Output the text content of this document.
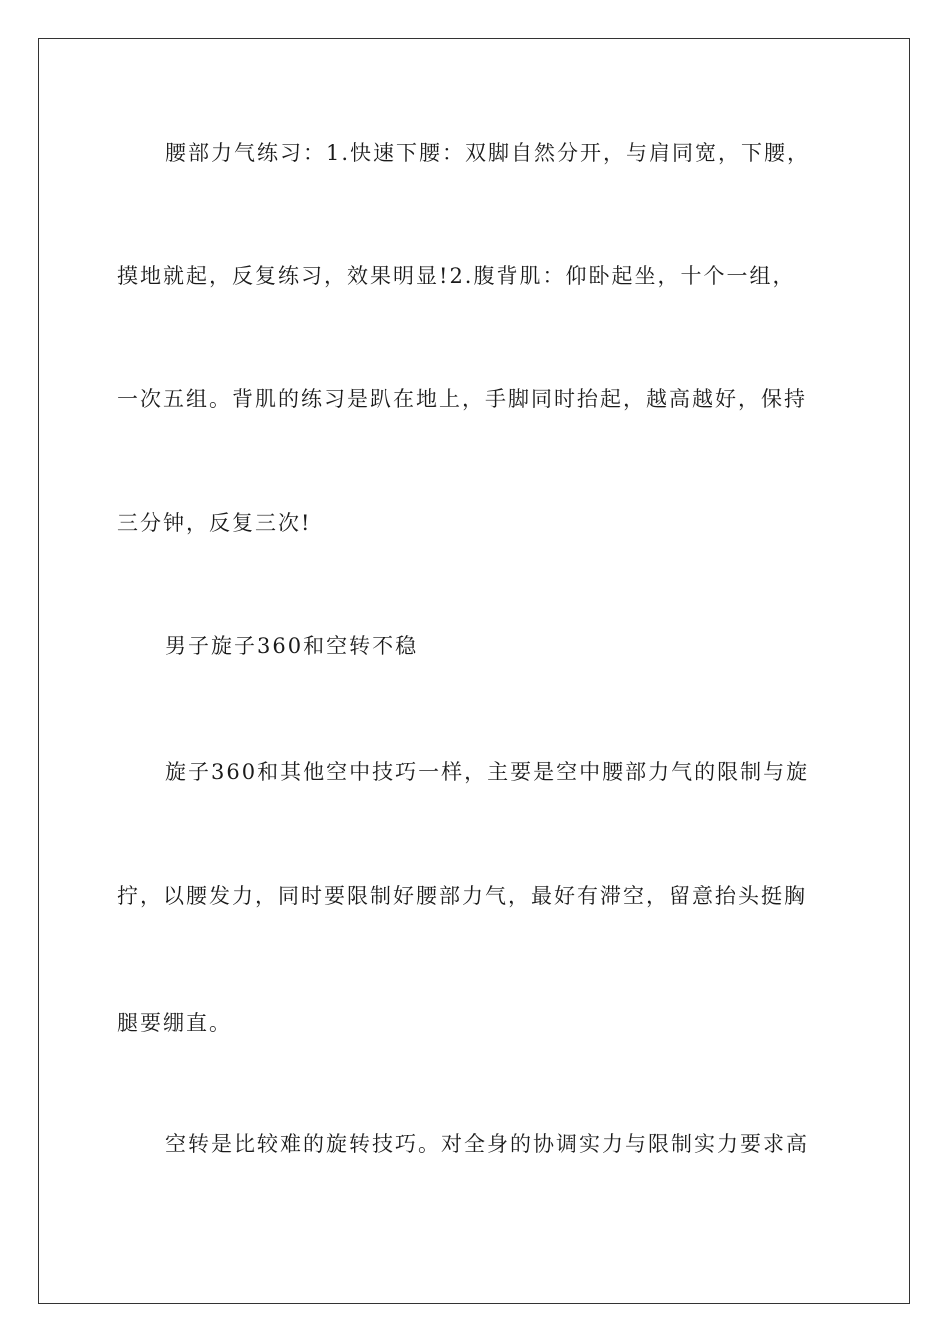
腰部力气练习：1.快速下腰：双脚自然分开，与肩同宽，下腰，
摸地就起，反复练习，效果明显!2.腹背肌：仰卧起坐，十个一组，
一次五组。背肌的练习是趴在地上，手脚同时抬起，越高越好，保持
三分钟，反复三次!
男子旋子360和空转不稳
旋子360和其他空中技巧一样，主要是空中腰部力气的限制与旋
拧，以腰发力，同时要限制好腰部力气，最好有滞空，留意抬头挺胸
腿要绷直。
空转是比较难的旋转技巧。对全身的协调实力与限制实力要求高
